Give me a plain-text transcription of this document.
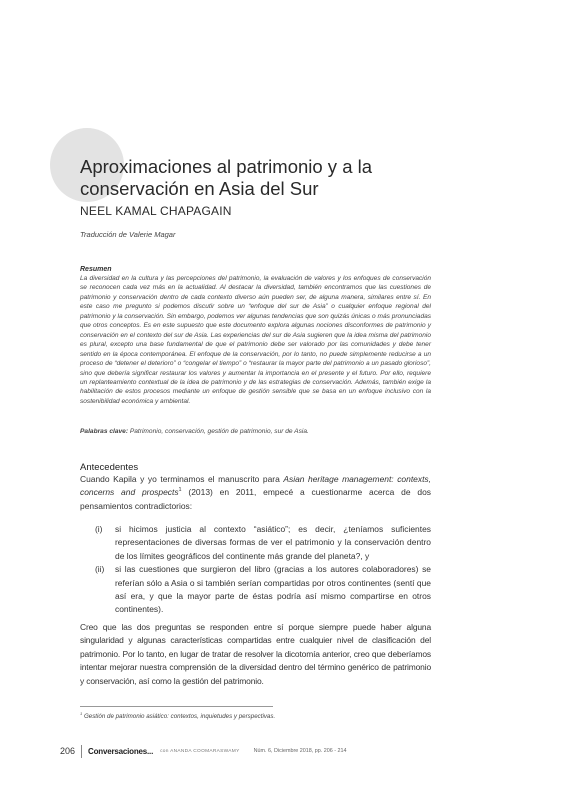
Aproximaciones al patrimonio y a la conservación en Asia del Sur
NEEL KAMAL CHAPAGAIN
Traducción de Valerie Magar
Resumen

La diversidad en la cultura y las percepciones del patrimonio, la evaluación de valores y los enfoques de conservación se reconocen cada vez más en la actualidad. Al destacar la diversidad, también encontramos que las cuestiones de patrimonio y conservación dentro de cada contexto diverso aún pueden ser, de alguna manera, similares entre sí. En este caso me pregunto si podemos discutir sobre un “enfoque del sur de Asia” o cualquier enfoque regional del patrimonio y la conservación. Sin embargo, podemos ver algunas tendencias que son quizás únicas o más pronunciadas que otros conceptos. Es en este supuesto que este documento explora algunas nociones disconformes de patrimonio y conservación en el contexto del sur de Asia. Las experiencias del sur de Asia sugieren que la idea misma del patrimonio es plural, excepto una base fundamental de que el patrimonio debe ser valorado por las comunidades y debe tener sentido en la época contemporánea. El enfoque de la conservación, por lo tanto, no puede simplemente reducirse a un proceso de “detener el deterioro” o “congelar el tiempo” o “restaurar la mayor parte del patrimonio a un pasado glorioso”, sino que debería significar restaurar los valores y aumentar la importancia en el presente y el futuro. Por ello, requiere un replanteamiento contextual de la idea de patrimonio y de las estrategias de conservación. Además, también exige la habilitación de estos procesos mediante un enfoque de gestión sensible que se basa en un enfoque inclusivo con la sostenibilidad económica y ambiental.

Palabras clave: Patrimonio, conservación, gestión de patrimonio, sur de Asia.
Antecedentes

Cuando Kapila y yo terminamos el manuscrito para Asian heritage management: contexts, concerns and prospects$^1$ (2013) en 2011, empecé a cuestionarme acerca de dos pensamientos contradictorios:

(i) si hicimos justicia al contexto “asiático”; es decir, ¿teníamos suficientes representaciones de diversas formas de ver el patrimonio y la conservación dentro de los límites geográficos del continente más grande del planeta?, y
(ii) si las cuestiones que surgieron del libro (gracias a los autores colaboradores) se referían sólo a Asia o si también serían compartidas por otros continentes (sentí que así era, y que la mayor parte de éstas podría así mismo compartirse en otros continentes).

Creo que las dos preguntas se responden entre sí porque siempre puede haber alguna singularidad y algunas características compartidas entre cualquier nivel de clasificación del patrimonio. Por lo tanto, en lugar de tratar de resolver la dicotomía anterior, creo que deberíamos intentar mejorar nuestra comprensión de la diversidad dentro del término genérico de patrimonio y conservación, así como la gestión del patrimonio.

$^1$ Gestión de patrimonio asiático: contextos, inquietudes y perspectivas.
206 Conversaciones... con ANANDA COOMARASWAMY	Núm. 6, Diciembre 2018, pp. 206 - 214
